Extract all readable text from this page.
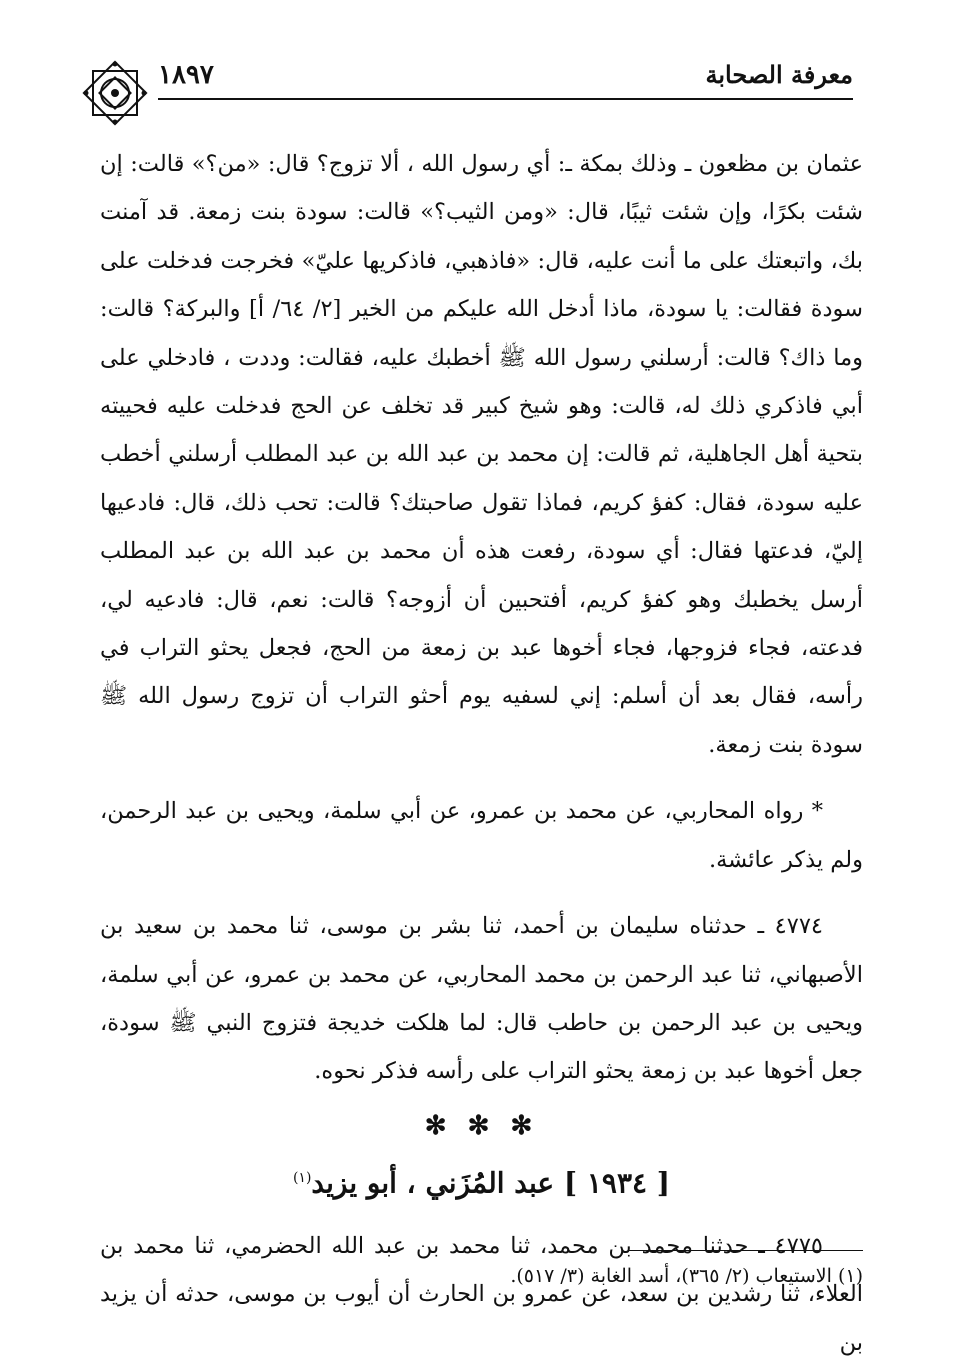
١٨٩٧	معرفة الصحابة

عثمان بن مظعون ـ وذلك بمكة ـ: أي رسول الله ، ألا تزوج؟ قال: «من؟» قالت: إن شئت بكرًا، وإن شئت ثيبًا، قال: «ومن الثيب؟» قالت: سودة بنت زمعة. قد آمنت بك، واتبعتك على ما أنت عليه، قال: «فاذهبي، فاذكريها عليّ» فخرجت فدخلت على سودة فقالت: يا سودة، ماذا أدخل الله عليكم من الخير [٢/ ٦٤/ أ] والبركة؟ قالت: وما ذاك؟ قالت: أرسلني رسول الله ﷺ أخطبك عليه، فقالت: وددت ، فادخلي على أبي فاذكري ذلك له، قالت: وهو شيخ كبير قد تخلف عن الحج فدخلت عليه فحييته بتحية أهل الجاهلية، ثم قالت: إن محمد بن عبد الله بن عبد المطلب أرسلني أخطب عليه سودة، فقال: كفؤ كريم، فماذا تقول صاحبتك؟ قالت: تحب ذلك، قال: فادعيها إليّ، فدعتها فقال: أي سودة، رفعت هذه أن محمد بن عبد الله بن عبد المطلب أرسل يخطبك وهو كفؤ كريم، أفتحبين أن أزوجه؟ قالت: نعم، قال: فادعيه لي، فدعته، فجاء فزوجها، فجاء أخوها عبد بن زمعة من الحج، فجعل يحثو التراب في رأسه، فقال بعد أن أسلم: إني لسفيه يوم أحثو التراب أن تزوج رسول الله ﷺ سودة بنت زمعة.

* رواه المحاربي، عن محمد بن عمرو، عن أبي سلمة، ويحيى بن عبد الرحمن، ولم يذكر عائشة.

٤٧٧٤ ـ حدثناه سليمان بن أحمد، ثنا بشر بن موسى، ثنا محمد بن سعيد بن الأصبهاني، ثنا عبد الرحمن بن محمد المحاربي، عن محمد بن عمرو، عن أبي سلمة، ويحيى بن عبد الرحمن بن حاطب قال: لما هلكت خديجة فتزوج النبي ﷺ سودة، جعل أخوها عبد بن زمعة يحثو التراب على رأسه فذكر نحوه.

✻ ✻ ✻
[ ١٩٣٤ ] عبد المُزَني ، أبو يزيد$^{(١)}$

٤٧٧٥ ـ حدثنا محمد بن محمد، ثنا محمد بن عبد الله الحضرمي، ثنا محمد بن العلاء، ثنا رشدين بن سعد، عن عمرو بن الحارث أن أيوب بن موسى، حدثه أن يزيد بن

(١) الاستيعاب (٢/ ٣٦٥)، أسد الغابة (٣/ ٥١٧).
